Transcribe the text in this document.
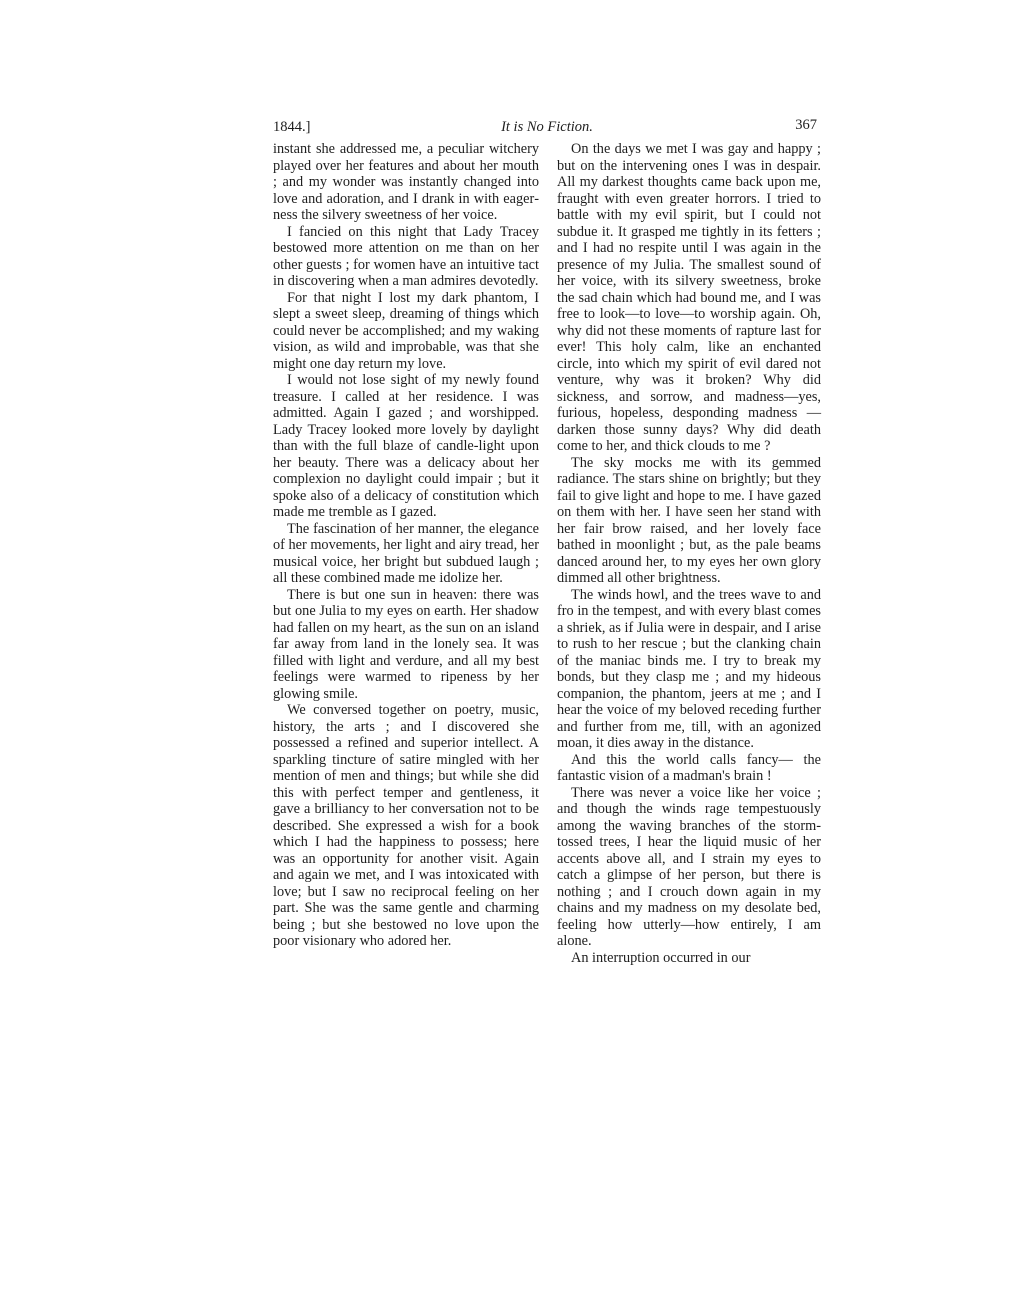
1844.]	It is No Fiction.	367

instant she addressed me, a peculiar witchery played over her features and about her mouth ; and my wonder was instantly changed into love and adoration, and I drank in with eagerness the silvery sweetness of her voice.

I fancied on this night that Lady Tracey bestowed more attention on me than on her other guests ; for women have an intuitive tact in discovering when a man admires devotedly.

For that night I lost my dark phantom, I slept a sweet sleep, dreaming of things which could never be accomplished; and my waking vision, as wild and improbable, was that she might one day return my love.

I would not lose sight of my newly found treasure. I called at her residence. I was admitted. Again I gazed ; and worshipped. Lady Tracey looked more lovely by daylight than with the full blaze of candle-light upon her beauty. There was a delicacy about her complexion no daylight could impair ; but it spoke also of a delicacy of constitution which made me tremble as I gazed.

The fascination of her manner, the elegance of her movements, her light and airy tread, her musical voice, her bright but subdued laugh ; all these combined made me idolize her.

There is but one sun in heaven: there was but one Julia to my eyes on earth. Her shadow had fallen on my heart, as the sun on an island far away from land in the lonely sea. It was filled with light and verdure, and all my best feelings were warmed to ripeness by her glowing smile.

We conversed together on poetry, music, history, the arts ; and I discovered she possessed a refined and superior intellect. A sparkling tincture of satire mingled with her mention of men and things; but while she did this with perfect temper and gentleness, it gave a brilliancy to her conversation not to be described. She expressed a wish for a book which I had the happiness to possess; here was an opportunity for another visit. Again and again we met, and I was intoxicated with love; but I saw no reciprocal feeling on her part. She was the same gentle and charming being ; but she bestowed no love upon the poor visionary who adored her.

On the days we met I was gay and happy ; but on the intervening ones I was in despair. All my darkest thoughts came back upon me, fraught with even greater horrors. I tried to battle with my evil spirit, but I could not subdue it. It grasped me tightly in its fetters ; and I had no respite until I was again in the presence of my Julia. The smallest sound of her voice, with its silvery sweetness, broke the sad chain which had bound me, and I was free to look—to love—to worship again. Oh, why did not these moments of rapture last for ever! This holy calm, like an enchanted circle, into which my spirit of evil dared not venture, why was it broken? Why did sickness, and sorrow, and madness—yes, furious, hopeless, desponding madness — darken those sunny days? Why did death come to her, and thick clouds to me ?

The sky mocks me with its gemmed radiance. The stars shine on brightly; but they fail to give light and hope to me. I have gazed on them with her. I have seen her stand with her fair brow raised, and her lovely face bathed in moonlight ; but, as the pale beams danced around her, to my eyes her own glory dimmed all other brightness.

The winds howl, and the trees wave to and fro in the tempest, and with every blast comes a shriek, as if Julia were in despair, and I arise to rush to her rescue ; but the clanking chain of the maniac binds me. I try to break my bonds, but they clasp me ; and my hideous companion, the phantom, jeers at me ; and I hear the voice of my beloved receding further and further from me, till, with an agonized moan, it dies away in the distance.

And this the world calls fancy— the fantastic vision of a madman's brain !

There was never a voice like her voice ; and though the winds rage tempestuously among the waving branches of the storm-tossed trees, I hear the liquid music of her accents above all, and I strain my eyes to catch a glimpse of her person, but there is nothing ; and I crouch down again in my chains and my madness on my desolate bed, feeling how utterly—how entirely, I am alone.

An interruption occurred in our
